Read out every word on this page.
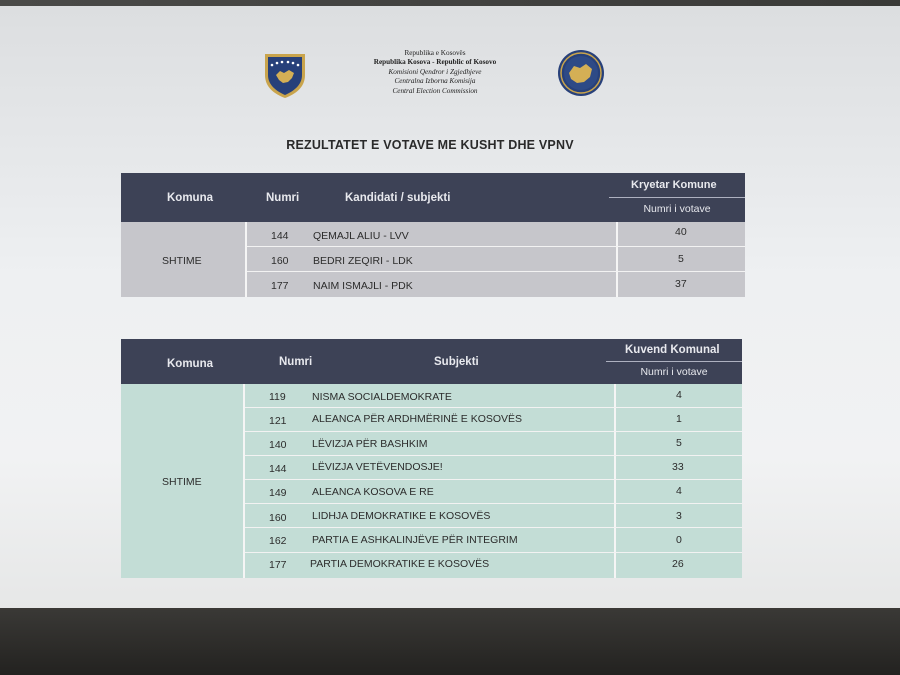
Republika e Kosovës
Republika Kosova - Republic of Kosovo
Komisioni Qendror i Zgjedhjeve
Centralna Izborna Komisija
Central Election Commission
REZULTATET E VOTAVE ME KUSHT DHE VPNV
Komuna	Numri	Kandidati / subjekti
Kryetar Komune
Numri i votave
SHTIME
144 QEMAJL ALIU - LVV	40
160 BEDRI ZEQIRI - LDK	5
177 NAIM ISMAJLI - PDK	37
Komuna	Numri	Subjekti
Kuvend Komunal
Numri i votave
SHTIME
119	NISMA SOCIALDEMOKRATE	4
121 ALEANCA PËR ARDHMËRINË E KOSOVËS	1
140 LËVIZJA PËR BASHKIM	5
144 LËVIZJA VETËVENDOSJE!	33
149 ALEANCA KOSOVA E RE	4
160 LIDHJA DEMOKRATIKE E KOSOVËS	3
162 PARTIA E ASHKALINJËVE PËR INTEGRIM	0
177 PARTIA DEMOKRATIKE E KOSOVËS	26
